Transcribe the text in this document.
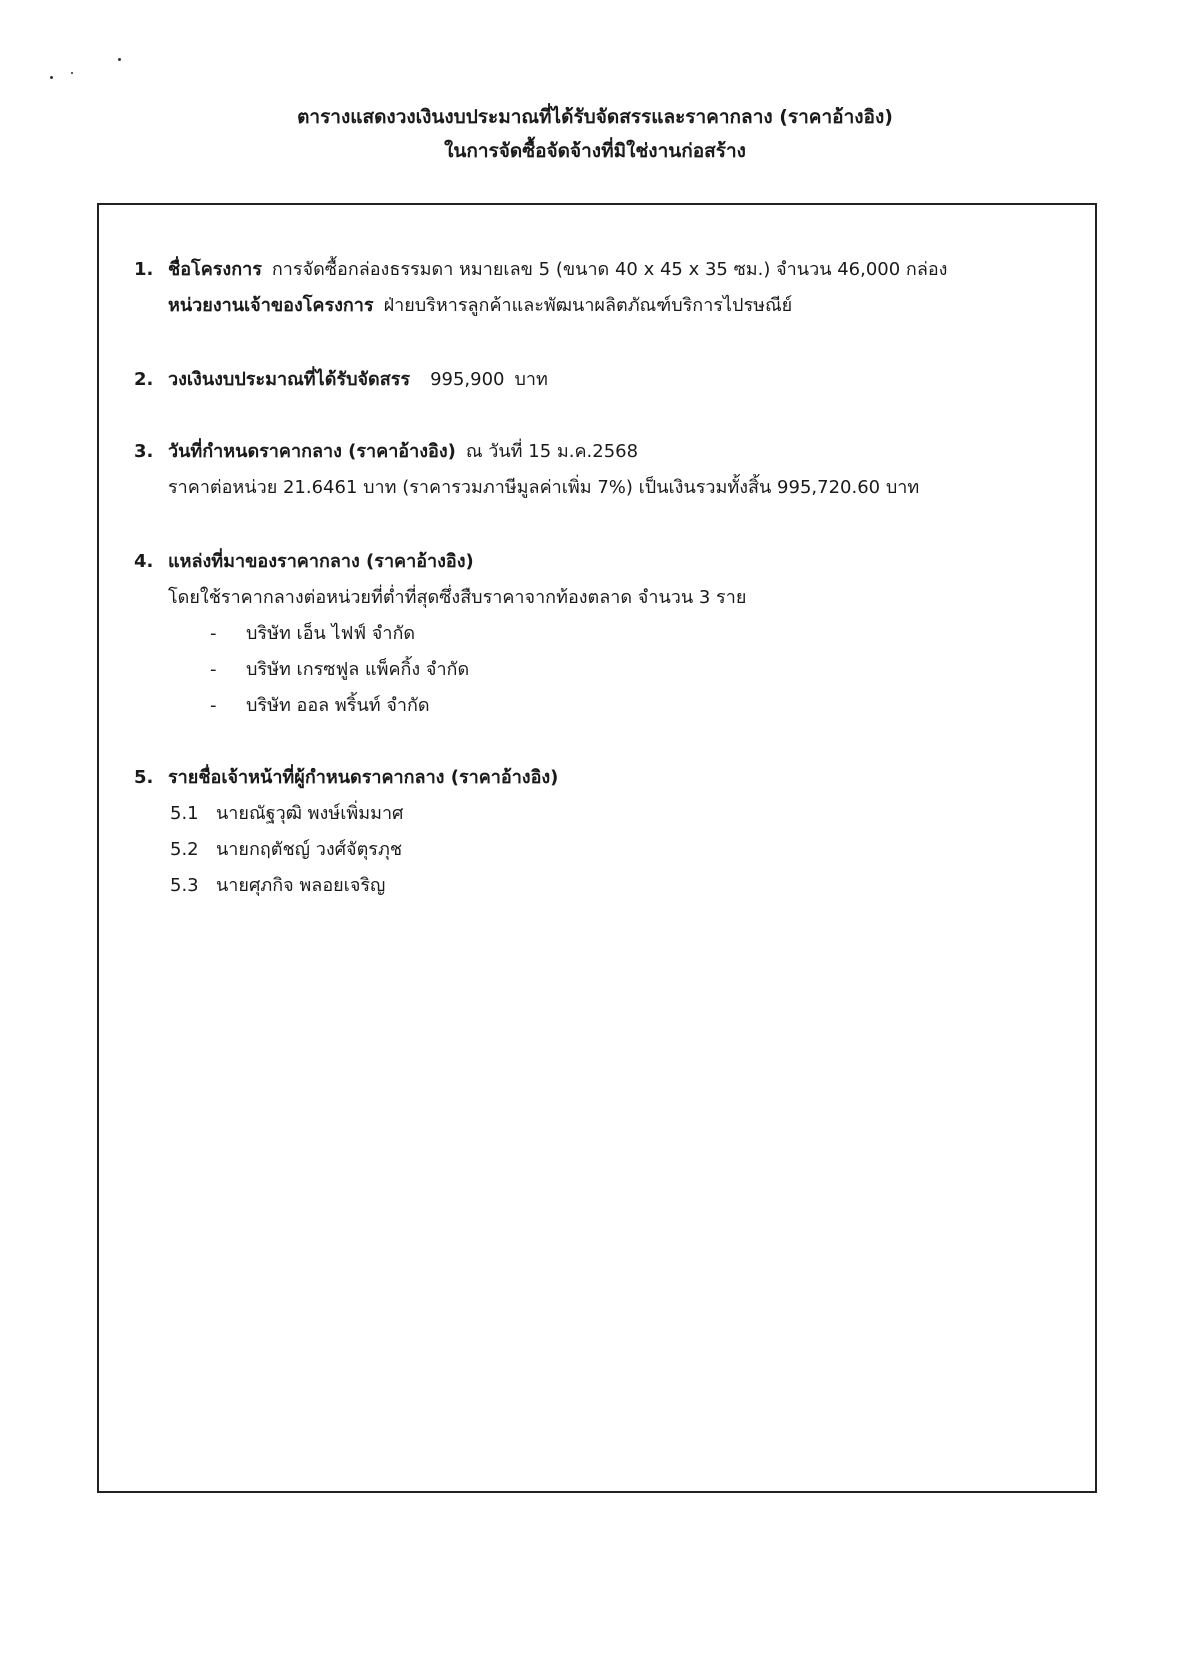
ตารางแสดงวงเงินงบประมาณที่ได้รับจัดสรรและราคากลาง (ราคาอ้างอิง)
ในการจัดซื้อจัดจ้างที่มิใช่งานก่อสร้าง
1. ชื่อโครงการ การจัดซื้อกล่องธรรมดา หมายเลข 5 (ขนาด 40 x 45 x 35 ซม.) จำนวน 46,000 กล่อง
หน่วยงานเจ้าของโครงการ ฝ่ายบริหารลูกค้าและพัฒนาผลิตภัณฑ์บริการไปรษณีย์
2. วงเงินงบประมาณที่ได้รับจัดสรร 995,900 บาท
3. วันที่กำหนดราคากลาง (ราคาอ้างอิง) ณ วันที่ 15 ม.ค.2568
ราคาต่อหน่วย 21.6461 บาท (ราคารวมภาษีมูลค่าเพิ่ม 7%) เป็นเงินรวมทั้งสิ้น 995,720.60 บาท
4. แหล่งที่มาของราคากลาง (ราคาอ้างอิง)
โดยใช้ราคากลางต่อหน่วยที่ต่ำที่สุดซึ่งสืบราคาจากท้องตลาด จำนวน 3 ราย
- บริษัท เอ็น ไฟฟ์ จำกัด
- บริษัท เกรซฟูล แพ็คกิ้ง จำกัด
- บริษัท ออล พริ้นท์ จำกัด
5. รายชื่อเจ้าหน้าที่ผู้กำหนดราคากลาง (ราคาอ้างอิง)
5.1 นายณัฐวุฒิ พงษ์เพิ่มมาศ
5.2 นายกฤตัชญ์ วงศ์จัตุรภุช
5.3 นายศุภกิจ พลอยเจริญ
